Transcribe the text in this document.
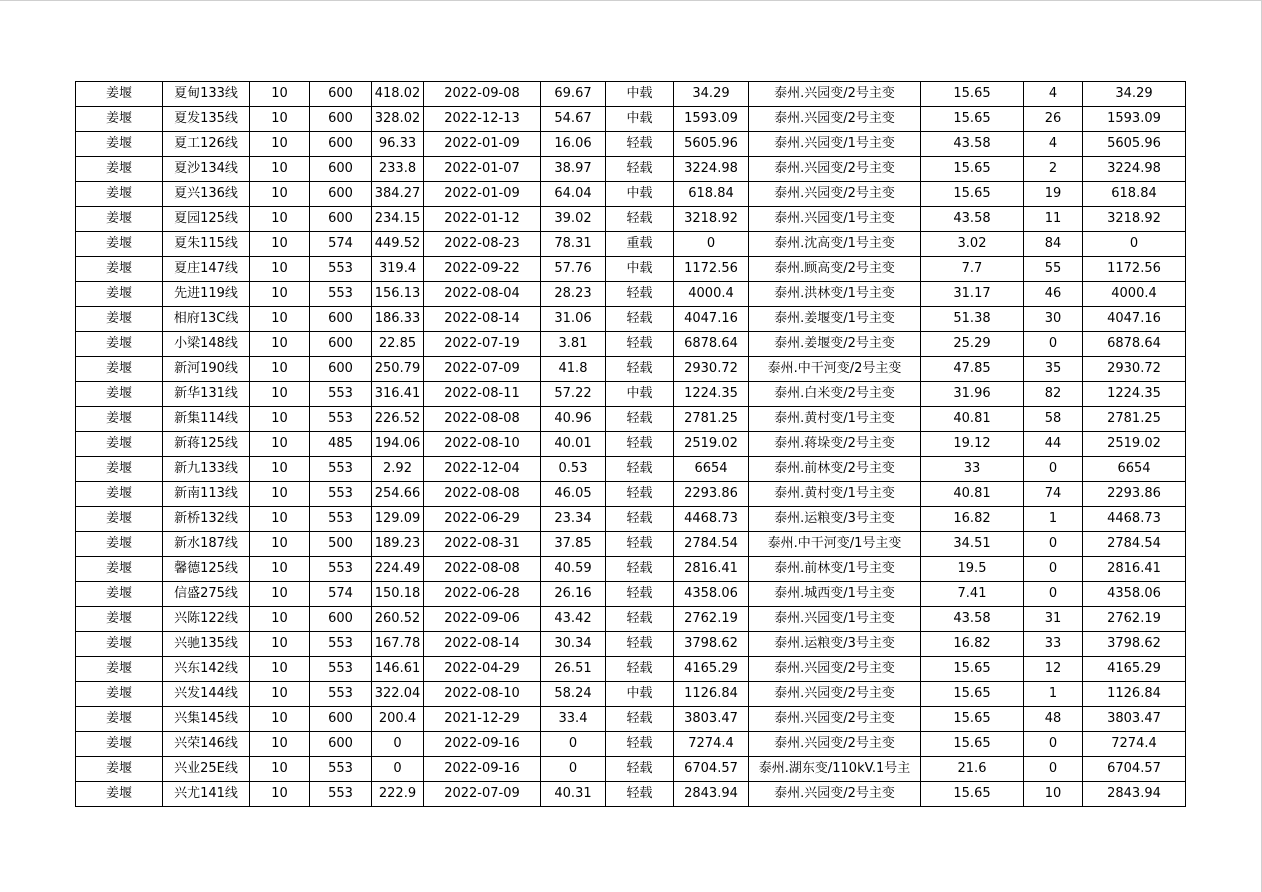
姜堰	夏甸133线	10	600	418.02	2022-09-08	69.67	中载	34.29	泰州.兴园变/2号主变	15.65	4	34.29
姜堰	夏发135线	10	600	328.02	2022-12-13	54.67	中载	1593.09	泰州.兴园变/2号主变	15.65	26	1593.09
姜堰	夏工126线	10	600	96.33	2022-01-09	16.06	轻载	5605.96	泰州.兴园变/1号主变	43.58	4	5605.96
姜堰	夏沙134线	10	600	233.8	2022-01-07	38.97	轻载	3224.98	泰州.兴园变/2号主变	15.65	2	3224.98
姜堰	夏兴136线	10	600	384.27	2022-01-09	64.04	中载	618.84	泰州.兴园变/2号主变	15.65	19	618.84
姜堰	夏园125线	10	600	234.15	2022-01-12	39.02	轻载	3218.92	泰州.兴园变/1号主变	43.58	11	3218.92
姜堰	夏朱115线	10	574	449.52	2022-08-23	78.31	重载	0	泰州.沈高变/1号主变	3.02	84	0
姜堰	夏庄147线	10	553	319.4	2022-09-22	57.76	中载	1172.56	泰州.顾高变/2号主变	7.7	55	1172.56
姜堰	先进119线	10	553	156.13	2022-08-04	28.23	轻载	4000.4	泰州.洪林变/1号主变	31.17	46	4000.4
姜堰	相府13C线	10	600	186.33	2022-08-14	31.06	轻载	4047.16	泰州.姜堰变/1号主变	51.38	30	4047.16
姜堰	小梁148线	10	600	22.85	2022-07-19	3.81	轻载	6878.64	泰州.姜堰变/2号主变	25.29	0	6878.64
姜堰	新河190线	10	600	250.79	2022-07-09	41.8	轻载	2930.72	泰州.中干河变/2号主变	47.85	35	2930.72
姜堰	新华131线	10	553	316.41	2022-08-11	57.22	中载	1224.35	泰州.白米变/2号主变	31.96	82	1224.35
姜堰	新集114线	10	553	226.52	2022-08-08	40.96	轻载	2781.25	泰州.黄村变/1号主变	40.81	58	2781.25
姜堰	新蒋125线	10	485	194.06	2022-08-10	40.01	轻载	2519.02	泰州.蒋垛变/2号主变	19.12	44	2519.02
姜堰	新九133线	10	553	2.92	2022-12-04	0.53	轻载	6654	泰州.前林变/2号主变	33	0	6654
姜堰	新南113线	10	553	254.66	2022-08-08	46.05	轻载	2293.86	泰州.黄村变/1号主变	40.81	74	2293.86
姜堰	新桥132线	10	553	129.09	2022-06-29	23.34	轻载	4468.73	泰州.运粮变/3号主变	16.82	1	4468.73
姜堰	新水187线	10	500	189.23	2022-08-31	37.85	轻载	2784.54	泰州.中干河变/1号主变	34.51	0	2784.54
姜堰	馨德125线	10	553	224.49	2022-08-08	40.59	轻载	2816.41	泰州.前林变/1号主变	19.5	0	2816.41
姜堰	信盛275线	10	574	150.18	2022-06-28	26.16	轻载	4358.06	泰州.城西变/1号主变	7.41	0	4358.06
姜堰	兴陈122线	10	600	260.52	2022-09-06	43.42	轻载	2762.19	泰州.兴园变/1号主变	43.58	31	2762.19
姜堰	兴驰135线	10	553	167.78	2022-08-14	30.34	轻载	3798.62	泰州.运粮变/3号主变	16.82	33	3798.62
姜堰	兴东142线	10	553	146.61	2022-04-29	26.51	轻载	4165.29	泰州.兴园变/2号主变	15.65	12	4165.29
姜堰	兴发144线	10	553	322.04	2022-08-10	58.24	中载	1126.84	泰州.兴园变/2号主变	15.65	1	1126.84
姜堰	兴集145线	10	600	200.4	2021-12-29	33.4	轻载	3803.47	泰州.兴园变/2号主变	15.65	48	3803.47
姜堰	兴荣146线	10	600	0	2022-09-16	0	轻载	7274.4	泰州.兴园变/2号主变	15.65	0	7274.4
姜堰	兴业25E线	10	553	0	2022-09-16	0	轻载	6704.57	泰州.湖东变/110kV.1号主	21.6	0	6704.57
姜堰	兴尤141线	10	553	222.9	2022-07-09	40.31	轻载	2843.94	泰州.兴园变/2号主变	15.65	10	2843.94
